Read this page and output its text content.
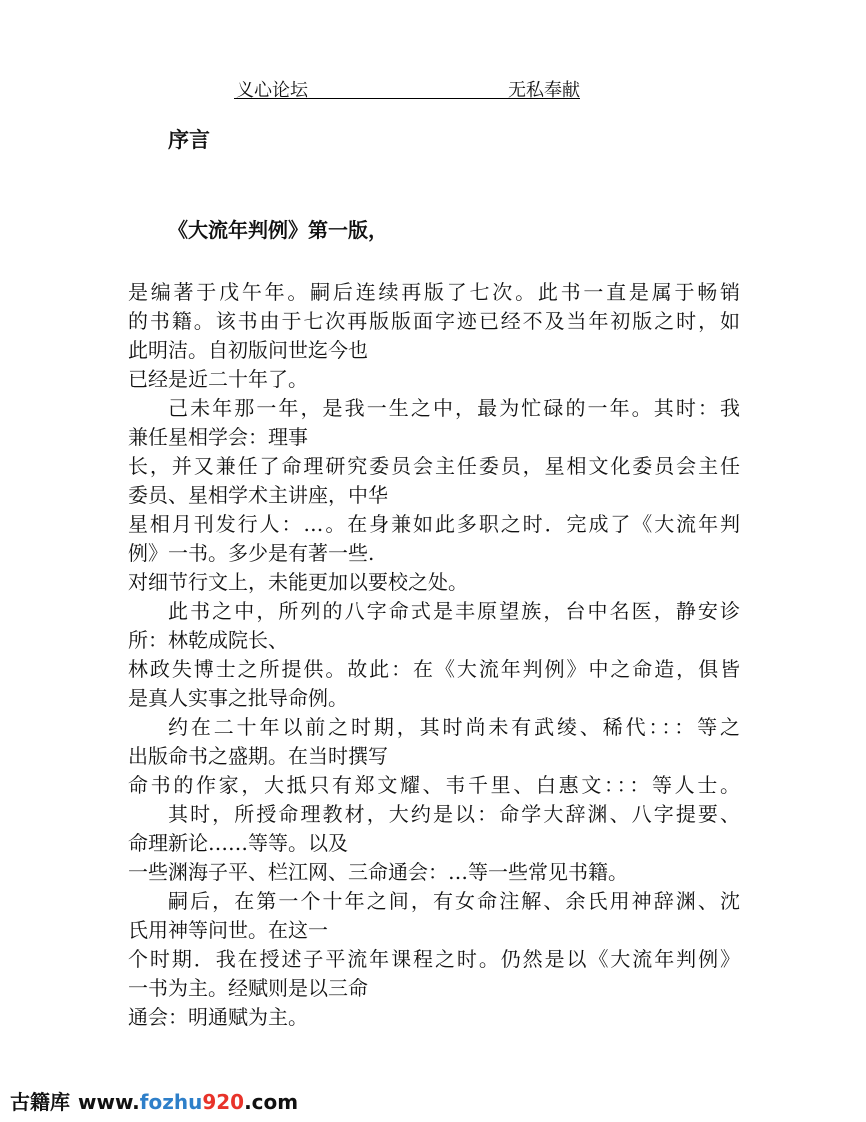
义心论坛	无私奉献
序言
《大流年判例》第一版，
是编著于戊午年。嗣后连续再版了七次。此书一直是属于畅销
的书籍。该书由于七次再版版面字迹已经不及当年初版之时，如
此明洁。自初版问世迄今也
已经是近二十年了。
己未年那一年，是我一生之中，最为忙碌的一年。其时：我
兼任星相学会：理事
长，并又兼任了命理研究委员会主任委员，星相文化委员会主任
委员、星相学术主讲座，中华
星相月刊发行人：…。在身兼如此多职之时．完成了《大流年判
例》一书。多少是有著一些.
对细节行文上，未能更加以要校之处。
此书之中，所列的八字命式是丰原望族，台中名医，静安诊
所：林乾成院长、
林政失博士之所提供。故此：在《大流年判例》中之命造，俱皆
是真人实事之批导命例。
约在二十年以前之时期，其时尚未有武绫、稀代：：：等之
出版命书之盛期。在当时撰写
命书的作家，大抵只有郑文耀、韦千里、白惠文：：：等人士。
其时，所授命理教材，大约是以：命学大辞渊、八字提要、
命理新论……等等。以及
一些渊海子平、栏江网、三命通会：…等一些常见书籍。
嗣后，在第一个十年之间，有女命注解、余氏用神辞渊、沈
氏用神等问世。在这一
个时期．我在授述子平流年课程之时。仍然是以《大流年判例》
一书为主。经赋则是以三命
通会：明通赋为主。
古籍库 www.fozhu920.com
